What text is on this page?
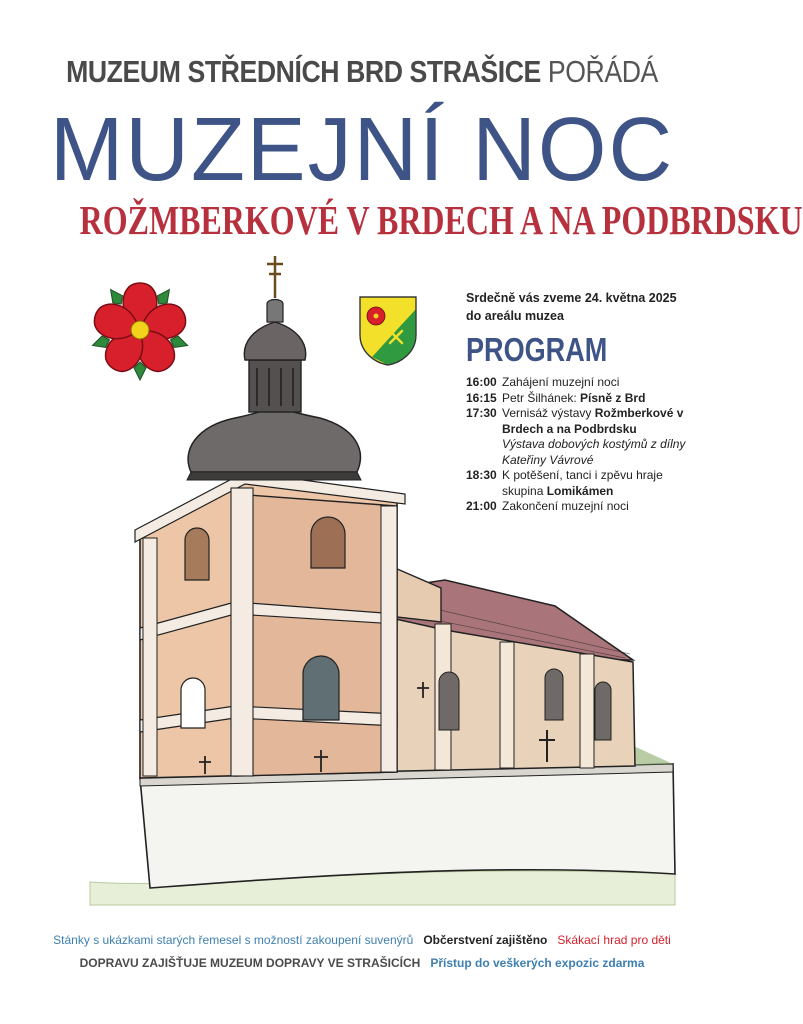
MUZEUM STŘEDNÍCH BRD STRAŠICE POŘÁDÁ
MUZEJNÍ NOC
ROŽMBERKOVÉ V BRDECH A NA PODBRDSKU
Srdečně vás zveme 24. května 2025
do areálu muzea
PROGRAM
16:00 Zahájení muzejní noci
16:15 Petr Šilhánek: Písně z Brd
17:30 Vernisáž výstavy Rožmberkové v Brdech a na Podbrdsku
Výstava dobových kostýmů z dílny Kateřiny Vávrové
18:30 K potěšení, tanci i zpěvu hraje skupina Lomikámen
21:00 Zakončení muzejní noci
Stánky s ukázkami starých řemesel s možností zakoupení suvenýrů Občerstvení zajištěno Skákací hrad pro děti
DOPRAVU ZAJIŠŤUJE MUZEUM DOPRAVY VE STRAŠICÍCH Přístup do veškerých expozic zdarma
